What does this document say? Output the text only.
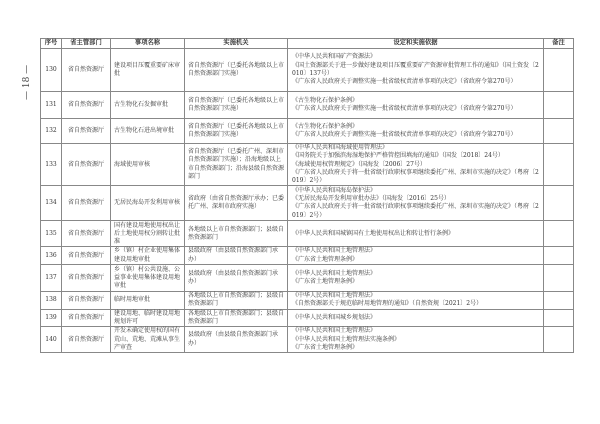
— 18 —
序号	省主管部门	事项名称	实施机关	设定和实施依据	备注
130	省自然资源厅	建设项目压覆重要矿床审批	省自然资源厅（已委托各地级以上市自然资源部门实施）	《中华人民共和国矿产资源法》
《国土资源部关于进一步做好建设项目压覆重要矿产资源审批管理工作的通知》（国土资发〔2010〕137号）
《广东省人民政府关于调整实施一批省级权责清单事项的决定》（省政府令第270号）	

131	省自然资源厅	古生物化石发掘审批	省自然资源厅（已委托各地级以上市自然资源部门实施）	《古生物化石保护条例》
《广东省人民政府关于调整实施一批省级权责清单事项的决定》（省政府令第270号）	

132	省自然资源厅	古生物化石进出境审批	省自然资源厅（已委托各地级以上市自然资源部门实施）	《古生物化石保护条例》
《广东省人民政府关于调整实施一批省级权责清单事项的决定》（省政府令第270号）	

133	省自然资源厅	海域使用审核	省自然资源厅（已委托广州、深圳市自然资源部门实施）；沿海地级以上市自然资源部门；沿海县级自然资源部门	《中华人民共和国海域使用管理法》
《国务院关于加强滨海湿地保护严格管控围填海的通知》（国发〔2018〕24号）
《海域使用权管理规定》（国海发〔2006〕27号）
《广东省人民政府关于将一批省级行政职权事项继续委托广州、深圳市实施的决定》（粤府〔2019〕2号）	

134	省自然资源厅	无居民海岛开发利用审核	省政府（由省自然资源厅承办；已委托广州、深圳市政府实施）	《中华人民共和国海岛保护法》
《无居民海岛开发利用审批办法》（国海发〔2016〕25号）
《广东省人民政府关于将一批省级行政职权事项继续委托广州、深圳市实施的决定》（粤府〔2019〕2号）	

135	省自然资源厅	国有建设用地使用权出让后土地使用权分割转让批准	各地级以上市自然资源部门；县级自然资源部门	《中华人民共和国城镇国有土地使用权出让和转让暂行条例》	

136	省自然资源厅	乡（镇）村企业使用集体建设用地审批	县级政府（由县级自然资源部门承办）	《中华人民共和国土地管理法》
《广东省土地管理条例》	

137	省自然资源厅	乡（镇）村公共设施、公益事业使用集体建设用地审批	县级政府（由县级自然资源部门承办）	《中华人民共和国土地管理法》
《广东省土地管理条例》	

138	省自然资源厅	临时用地审批	各地级以上市自然资源部门；县级自然资源部门	《中华人民共和国土地管理法》
《自然资源部关于规范临时用地管理的通知》（自然资规〔2021〕2号）	

139	省自然资源厅	建设用地、临时建设用地规划许可	各地级以上市自然资源部门；县级自然资源部门	《中华人民共和国城乡规划法》	

140	省自然资源厅	开发未确定使用权的国有荒山、荒地、荒滩从事生产审查	县级政府（由县级自然资源部门承办）	《中华人民共和国土地管理法》
《中华人民共和国土地管理法实施条例》
《广东省土地管理条例》	
